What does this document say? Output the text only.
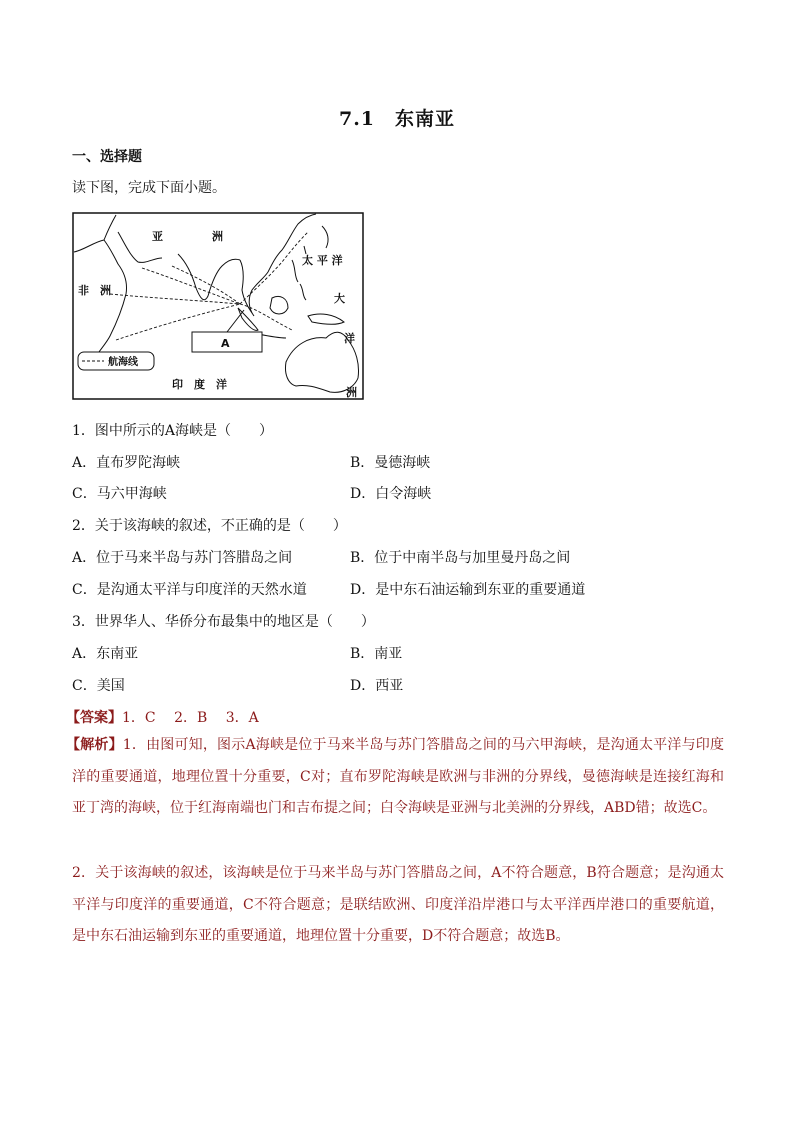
7.1　东南亚
一、选择题
读下图，完成下面小题。
亚	洲
非　洲
太 平 洋
大
洋
洲
印　度　洋
A
航海线
1．图中所示的A海峡是（　　）
A．直布罗陀海峡	B．曼德海峡
C．马六甲海峡	D．白令海峡
2．关于该海峡的叙述，不正确的是（　　）
A．位于马来半岛与苏门答腊岛之间	B．位于中南半岛与加里曼丹岛之间
C．是沟通太平洋与印度洋的天然水道	D．是中东石油运输到东亚的重要通道
3．世界华人、华侨分布最集中的地区是（　　）
A．东南亚	B．南亚
C．美国	D．西亚
【答案】1．C　 2．B　 3．A
【解析】1．由图可知，图示A海峡是位于马来半岛与苏门答腊岛之间的马六甲海峡，是沟通太平洋与印度洋的重要通道，地理位置十分重要，C对；直布罗陀海峡是欧洲与非洲的分界线，曼德海峡是连接红海和亚丁湾的海峡，位于红海南端也门和吉布提之间；白令海峡是亚洲与北美洲的分界线，ABD错；故选C。
2．关于该海峡的叙述，该海峡是位于马来半岛与苏门答腊岛之间，A不符合题意，B符合题意；是沟通太平洋与印度洋的重要通道，C不符合题意；是联结欧洲、印度洋沿岸港口与太平洋西岸港口的重要航道，是中东石油运输到东亚的重要通道，地理位置十分重要，D不符合题意；故选B。
